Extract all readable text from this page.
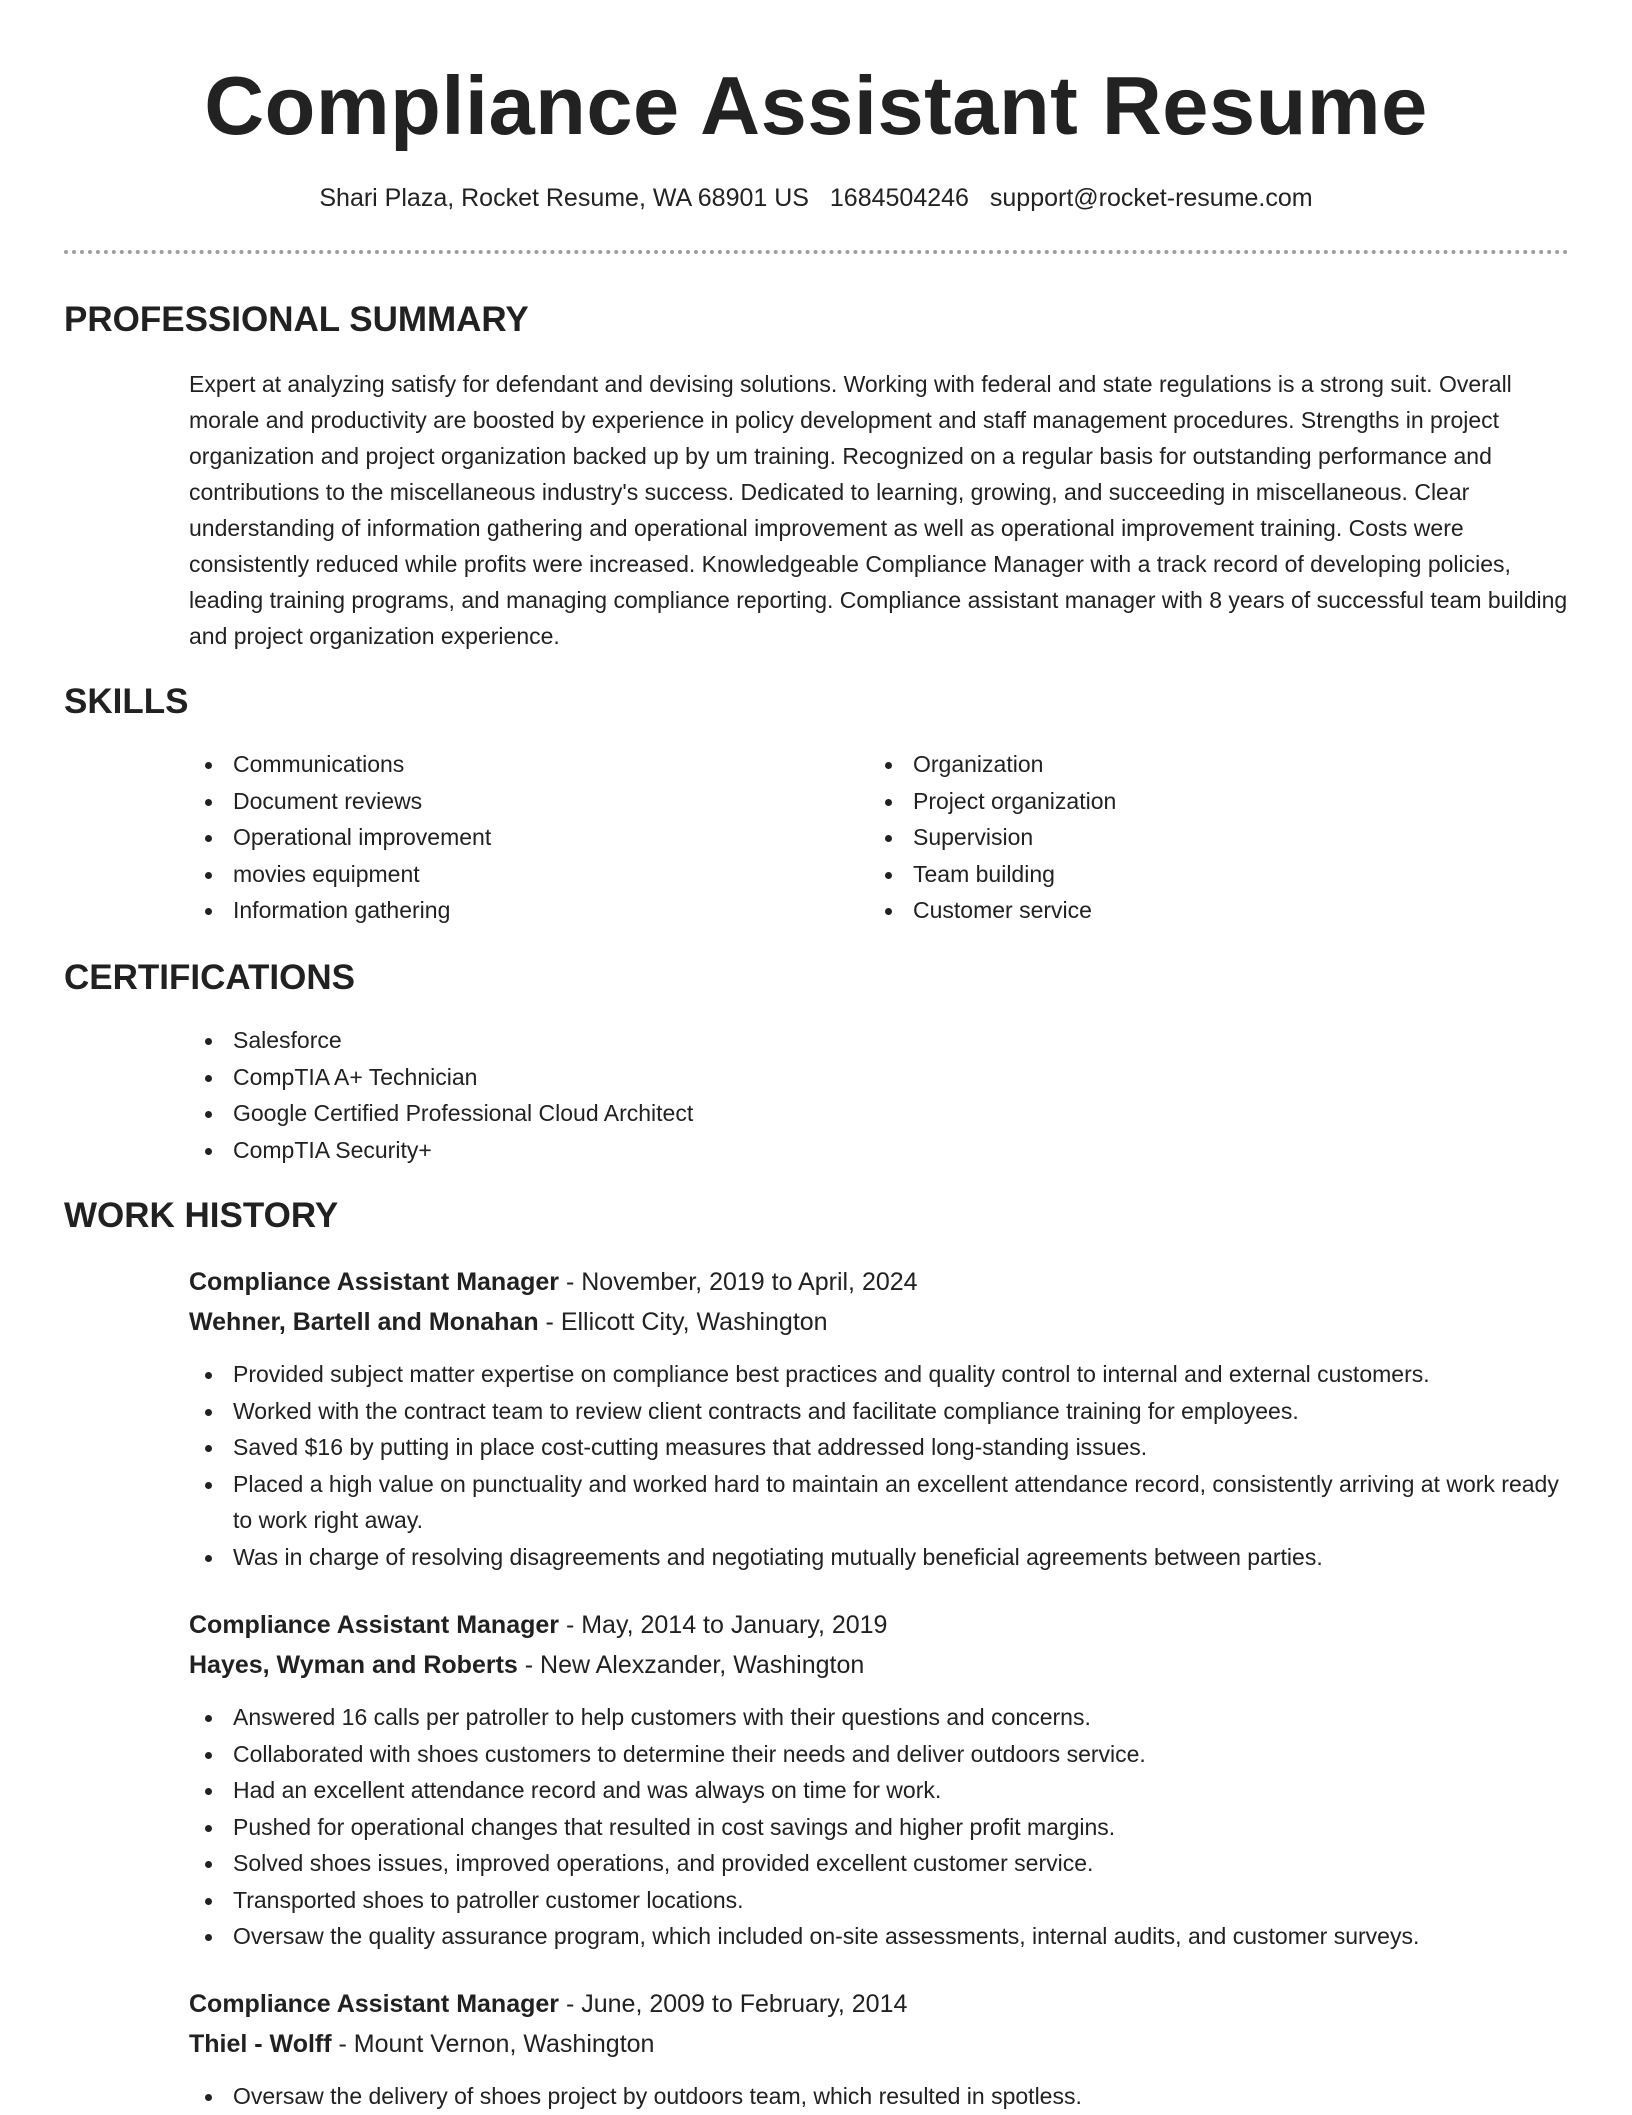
Compliance Assistant Resume
Shari Plaza, Rocket Resume, WA 68901 US 1684504246 support@rocket-resume.com
PROFESSIONAL SUMMARY

Expert at analyzing satisfy for defendant and devising solutions. Working with federal and state regulations is a strong suit. Overall morale and productivity are boosted by experience in policy development and staff management procedures. Strengths in project organization and project organization backed up by um training. Recognized on a regular basis for outstanding performance and contributions to the miscellaneous industry's success. Dedicated to learning, growing, and succeeding in miscellaneous. Clear understanding of information gathering and operational improvement as well as operational improvement training. Costs were consistently reduced while profits were increased. Knowledgeable Compliance Manager with a track record of developing policies, leading training programs, and managing compliance reporting. Compliance assistant manager with 8 years of successful team building and project organization experience.

SKILLS
Communications
Document reviews
Operational improvement
movies equipment
Information gathering
Organization
Project organization
Supervision
Team building
Customer service
CERTIFICATIONS
Salesforce
CompTIA A+ Technician
Google Certified Professional Cloud Architect
CompTIA Security+
WORK HISTORY
Compliance Assistant Manager - November, 2019 to April, 2024
Wehner, Bartell and Monahan - Ellicott City, Washington
Provided subject matter expertise on compliance best practices and quality control to internal and external customers.
Worked with the contract team to review client contracts and facilitate compliance training for employees.
Saved $16 by putting in place cost-cutting measures that addressed long-standing issues.
Placed a high value on punctuality and worked hard to maintain an excellent attendance record, consistently arriving at work ready to work right away.
Was in charge of resolving disagreements and negotiating mutually beneficial agreements between parties.
Compliance Assistant Manager - May, 2014 to January, 2019
Hayes, Wyman and Roberts - New Alexzander, Washington
Answered 16 calls per patroller to help customers with their questions and concerns.
Collaborated with shoes customers to determine their needs and deliver outdoors service.
Had an excellent attendance record and was always on time for work.
Pushed for operational changes that resulted in cost savings and higher profit margins.
Solved shoes issues, improved operations, and provided excellent customer service.
Transported shoes to patroller customer locations.
Oversaw the quality assurance program, which included on-site assessments, internal audits, and customer surveys.
Compliance Assistant Manager - June, 2009 to February, 2014
Thiel - Wolff - Mount Vernon, Washington
Oversaw the delivery of shoes project by outdoors team, which resulted in spotless.
